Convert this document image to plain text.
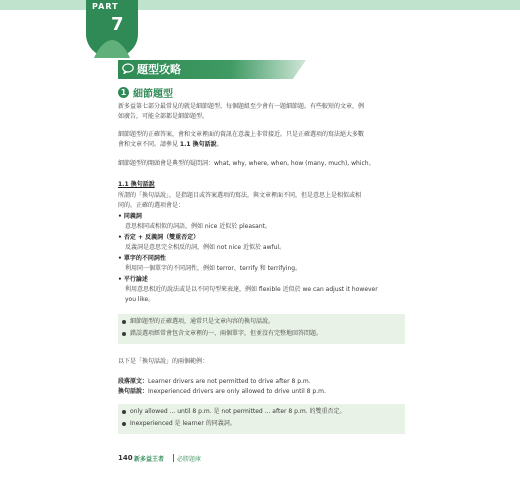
PART
7
題型攻略
1 細節題型
新多益第七部分最常見的就是細節題型。每個題組至少會有一題細節題。有些較短的文章，例
如廣告，可能全部都是細節題型。
細節題型的正確答案，會和文章裡面的資訊在意義上非常接近。只是正確選項的寫法絕大多數
會和文章不同。請參見 1.1 換句話說。
細節題型的開頭會是典型的疑問詞：what, why, where, when, how (many, much), which。
1.1 換句話說
所謂的「換句話說」，是指題目或答案選項的寫法，與文章裡面不同，但是意思上是相似或相
同的。正確的選項會是：
• 同義詞
意思相同或相似的詞語，例如 nice 近似於 pleasant。
• 否定 + 反義詞（雙重否定）
反義詞是意思完全相反的詞，例如 not nice 近似於 awful。
• 單字的不同詞性
利用同一個單字的不同詞性，例如 terror、terrify 和 terrifying。
• 平行論述
利用意思相近的說法或是以不同句型來表達，例如 flexible 近似於 we can adjust it however
you like。
細節題型的正確選項，通常只是文章內容的換句話說。
錯誤選項經常會包含文章裡的一、兩個單字，但並沒有完整地回答問題。
以下是「換句話說」的兩個範例：
段落原文：Learner drivers are not permitted to drive after 8 p.m.
換句話說：Inexperienced drivers are only allowed to drive until 8 p.m.
only allowed ... until 8 p.m. 是 not permitted ... after 8 p.m. 的雙重否定。
Inexperienced 是 learner 的同義詞。
140 新多益王者 必勝題庫
